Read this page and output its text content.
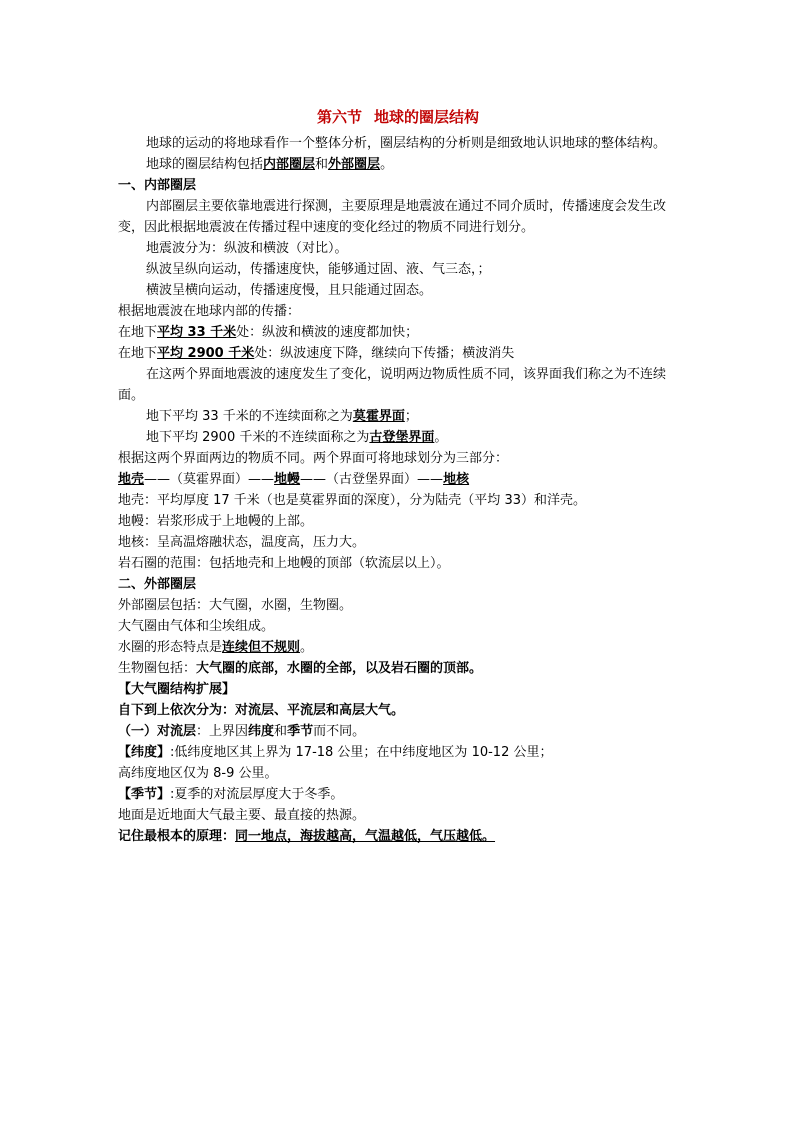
第六节 地球的圈层结构

地球的运动的将地球看作一个整体分析，圈层结构的分析则是细致地认识地球的整体结构。

地球的圈层结构包括内部圈层和外部圈层。

一、内部圈层

内部圈层主要依靠地震进行探测，主要原理是地震波在通过不同介质时，传播速度会发生改变，因此根据地震波在传播过程中速度的变化经过的物质不同进行划分。

地震波分为：纵波和横波（对比）。

纵波呈纵向运动，传播速度快，能够通过固、液、气三态，；

横波呈横向运动，传播速度慢，且只能通过固态。

根据地震波在地球内部的传播：

在地下平均 33 千米处：纵波和横波的速度都加快；

在地下平均 2900 千米处：纵波速度下降，继续向下传播；横波消失

在这两个界面地震波的速度发生了变化，说明两边物质性质不同，该界面我们称之为不连续面。

地下平均 33 千米的不连续面称之为莫霍界面；

地下平均 2900 千米的不连续面称之为古登堡界面。

根据这两个界面两边的物质不同。两个界面可将地球划分为三部分：

地壳——（莫霍界面）——地幔——（古登堡界面）——地核

地壳：平均厚度 17 千米（也是莫霍界面的深度），分为陆壳（平均 33）和洋壳。

地幔：岩浆形成于上地幔的上部。

地核：呈高温熔融状态，温度高，压力大。

岩石圈的范围：包括地壳和上地幔的顶部（软流层以上）。

二、外部圈层

外部圈层包括：大气圈，水圈，生物圈。

大气圈由气体和尘埃组成。

水圈的形态特点是连续但不规则。

生物圈包括：大气圈的底部，水圈的全部，以及岩石圈的顶部。

【大气圈结构扩展】

自下到上依次分为：对流层、平流层和高层大气。

（一）对流层：上界因纬度和季节而不同。

【纬度】:低纬度地区其上界为 17-18 公里；在中纬度地区为 10-12 公里；

高纬度地区仅为 8-9 公里。

【季节】:夏季的对流层厚度大于冬季。

地面是近地面大气最主要、最直接的热源。

记住最根本的原理：同一地点，海拔越高，气温越低，气压越低。
